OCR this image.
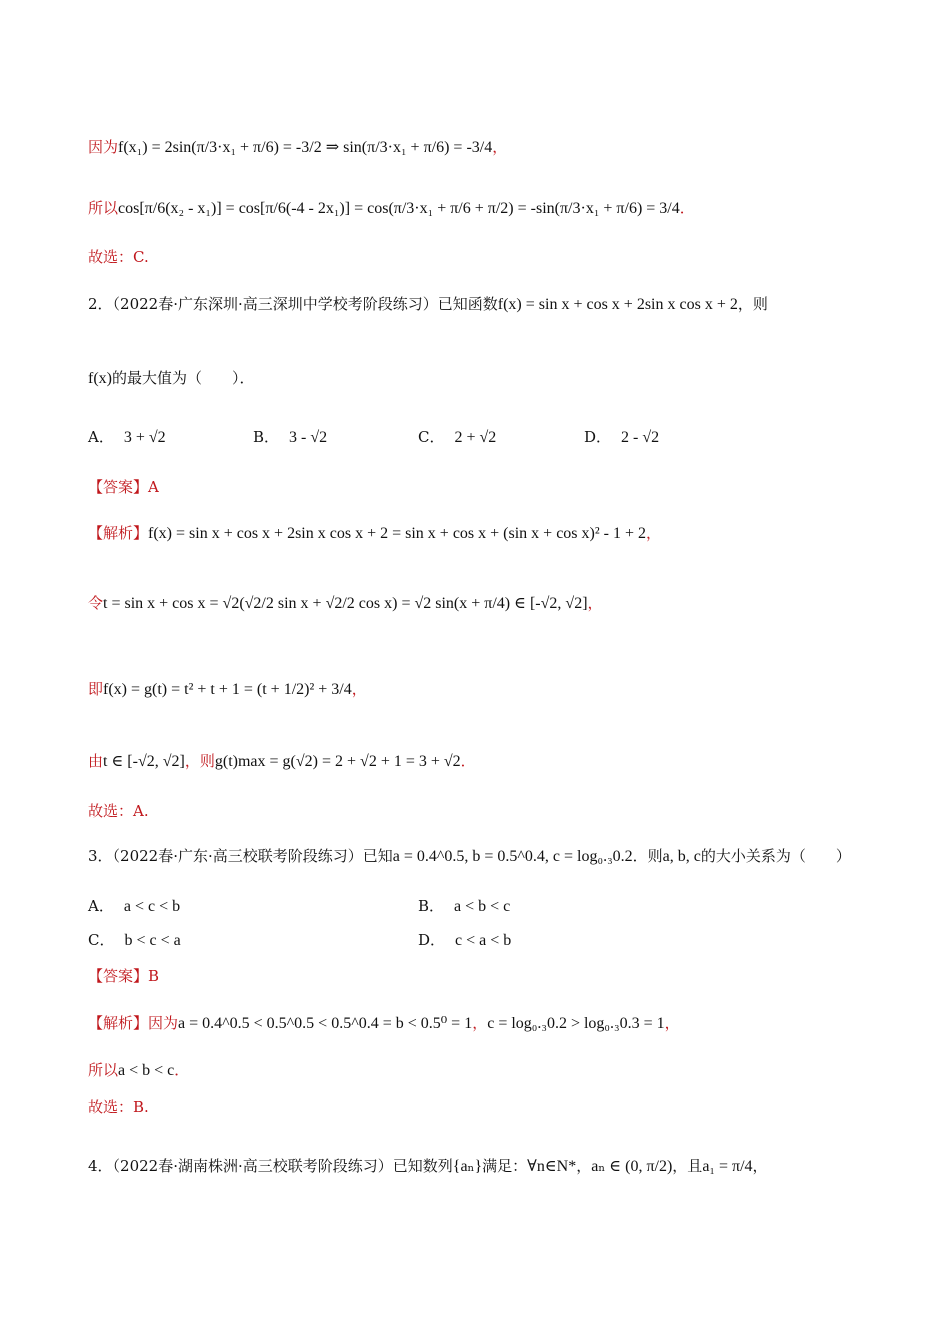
因为f(x₁) = 2sin(π/3·x₁ + π/6) = -3/2 ⇒ sin(π/3·x₁ + π/6) = -3/4，
所以cos[π/6(x₂ - x₁)] = cos[π/6(-4 - 2x₁)] = cos(π/3·x₁ + π/6 + π/2) = -sin(π/3·x₁ + π/6) = 3/4．
故选：C.
2．（2022春·广东深圳·高三深圳中学校考阶段练习）已知函数f(x) = sin x + cos x + 2sin x cos x + 2，则
f(x)的最大值为（　　）．
A． 3 + √2	B． 3 - √2	C． 2 + √2	D． 2 - √2
【答案】A
【解析】f(x) = sin x + cos x + 2sin x cos x + 2 = sin x + cos x + (sin x + cos x)² - 1 + 2，
令t = sin x + cos x = √2(√2/2 sin x + √2/2 cos x) = √2 sin(x + π/4) ∈ [-√2, √2]，
即f(x) = g(t) = t² + t + 1 = (t + 1/2)² + 3/4，
由t ∈ [-√2, √2]，则g(t)max = g(√2) = 2 + √2 + 1 = 3 + √2．
故选：A.
3．（2022春·广东·高三校联考阶段练习）已知a = 0.4^0.5, b = 0.5^0.4, c = log₀.₃0.2．则a, b, c的大小关系为（　　）
A． a < c < b	B． a < b < c
C． b < c < a	D． c < a < b
【答案】B
【解析】因为a = 0.4^0.5 < 0.5^0.5 < 0.5^0.4 = b < 0.5⁰ = 1，c = log₀.₃0.2 > log₀.₃0.3 = 1，
所以a < b < c．
故选：B.
4．（2022春·湖南株洲·高三校联考阶段练习）已知数列{aₙ}满足：∀n∈N*，aₙ ∈ (0, π/2)，且a₁ = π/4，
